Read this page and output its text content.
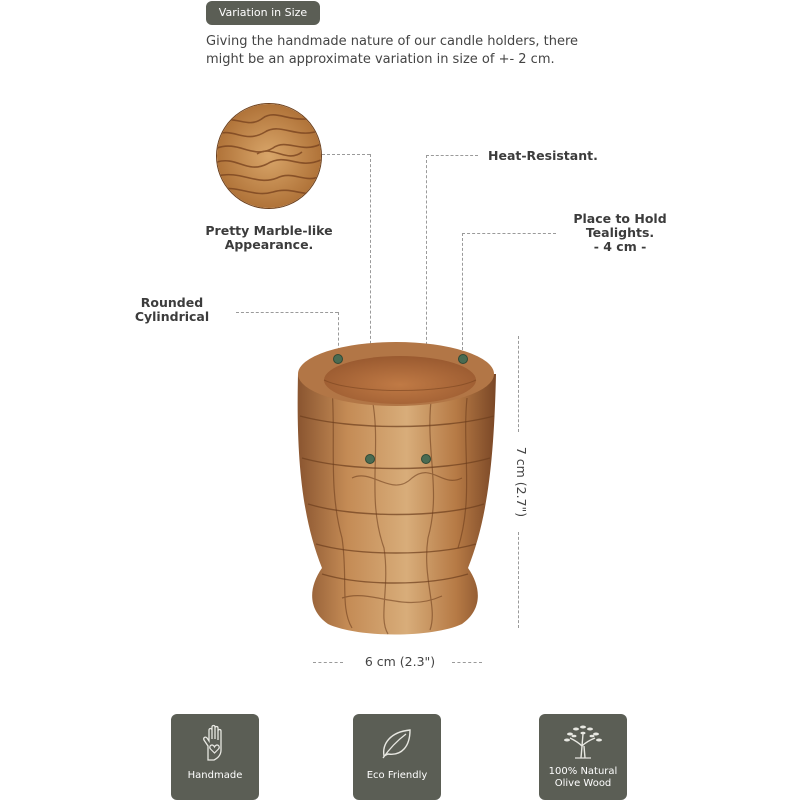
Variation in Size
Giving the handmade nature of our candle holders, there might be an approximate variation in size of +- 2 cm.
Pretty Marble-like
Appearance.
Heat-Resistant.
Place to Hold
Tealights.
- 4 cm -
Rounded
Cylindrical
7 cm (2.7")
6 cm (2.3")
Handmade	Eco Friendly	100% Natural
Olive Wood
